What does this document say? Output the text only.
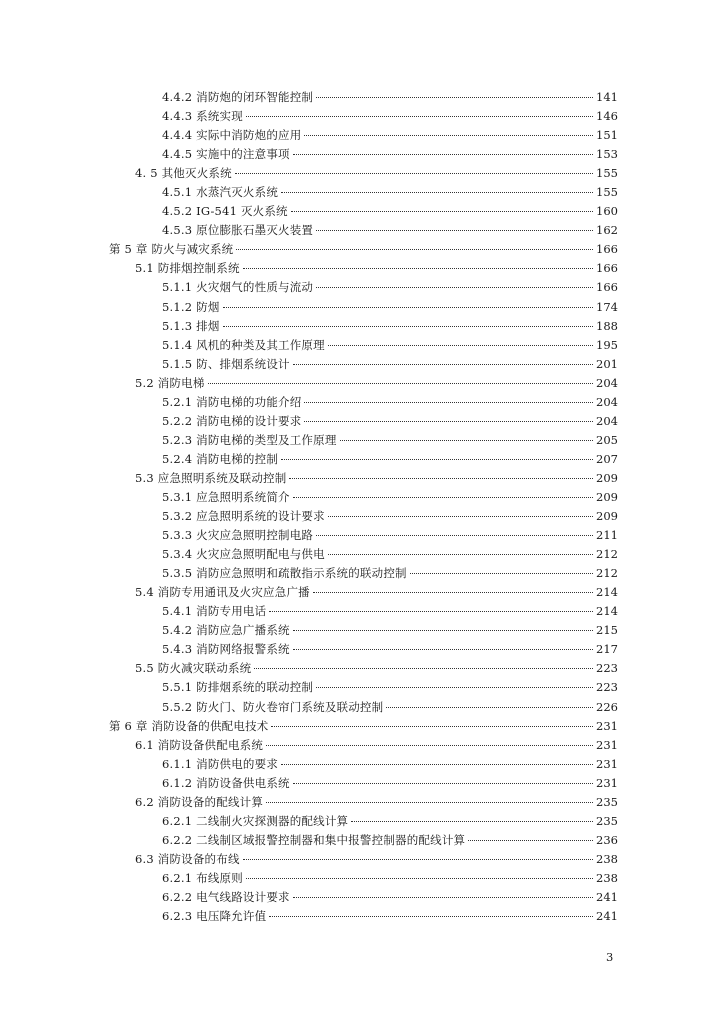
4.4.2 消防炮的闭环智能控制	141
4.4.3 系统实现	146
4.4.4 实际中消防炮的应用	151
4.4.5 实施中的注意事项	153
4. 5 其他灭火系统	155
4.5.1 水蒸汽灭火系统	155
4.5.2 IG-541 灭火系统	160
4.5.3 原位膨胀石墨灭火装置	162
第 5 章 防火与减灾系统	166
5.1 防排烟控制系统	166
5.1.1 火灾烟气的性质与流动	166
5.1.2 防烟	174
5.1.3 排烟	188
5.1.4 风机的种类及其工作原理	195
5.1.5 防、排烟系统设计	201
5.2 消防电梯	204
5.2.1 消防电梯的功能介绍	204
5.2.2 消防电梯的设计要求	204
5.2.3 消防电梯的类型及工作原理	205
5.2.4 消防电梯的控制	207
5.3 应急照明系统及联动控制	209
5.3.1 应急照明系统简介	209
5.3.2 应急照明系统的设计要求	209
5.3.3 火灾应急照明控制电路	211
5.3.4 火灾应急照明配电与供电	212
5.3.5 消防应急照明和疏散指示系统的联动控制	212
5.4 消防专用通讯及火灾应急广播	214
5.4.1 消防专用电话	214
5.4.2 消防应急广播系统	215
5.4.3 消防网络报警系统	217
5.5 防火减灾联动系统	223
5.5.1 防排烟系统的联动控制	223
5.5.2 防火门、防火卷帘门系统及联动控制	226
第 6 章 消防设备的供配电技术	231
6.1 消防设备供配电系统	231
6.1.1 消防供电的要求	231
6.1.2 消防设备供电系统	231
6.2 消防设备的配线计算	235
6.2.1 二线制火灾探测器的配线计算	235
6.2.2 二线制区域报警控制器和集中报警控制器的配线计算	236
6.3 消防设备的布线	238
6.2.1 布线原则	238
6.2.2 电气线路设计要求	241
6.2.3 电压降允许值	241
3
